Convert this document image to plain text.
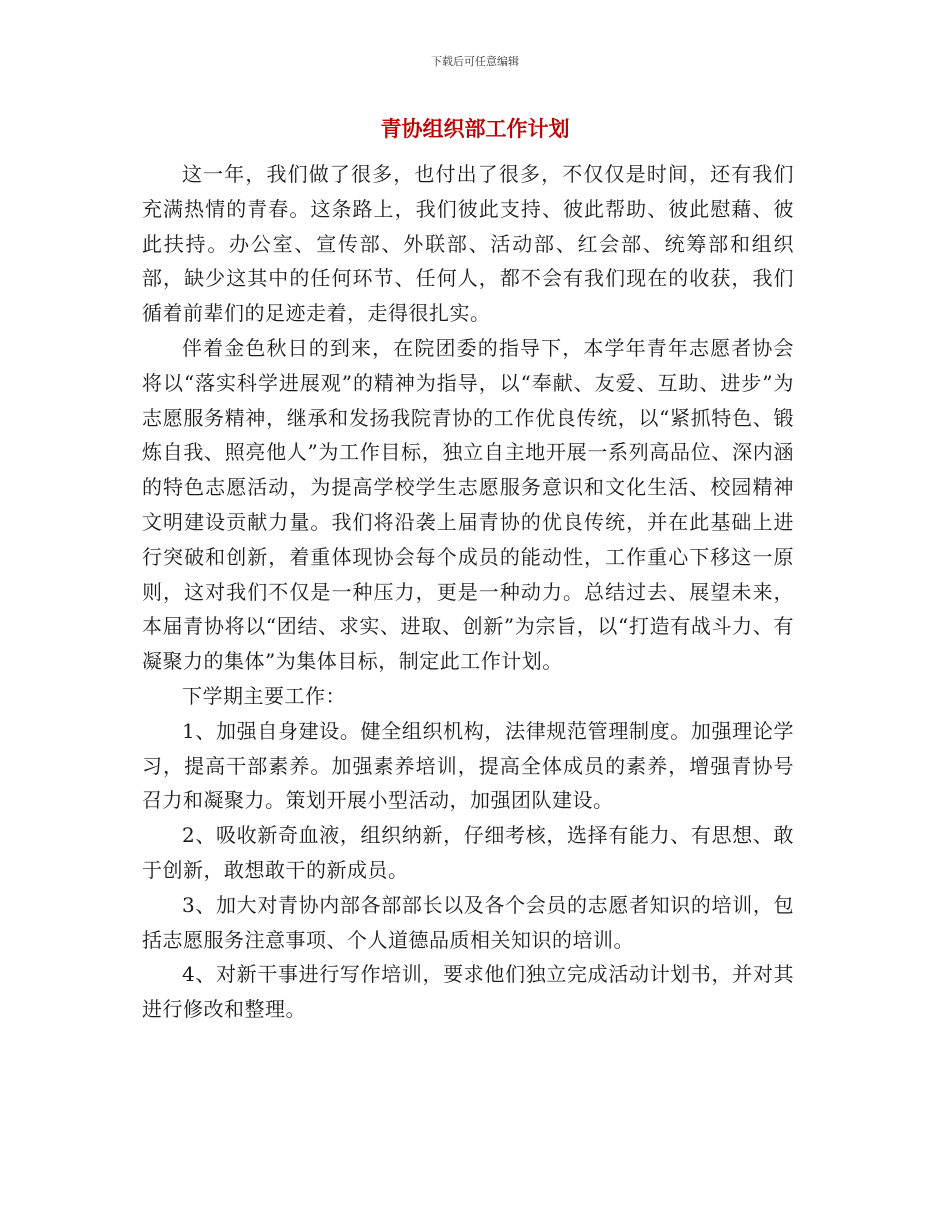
下载后可任意编辑
青协组织部工作计划

这一年，我们做了很多，也付出了很多，不仅仅是时间，还有我们充满热情的青春。这条路上，我们彼此支持、彼此帮助、彼此慰藉、彼此扶持。办公室、宣传部、外联部、活动部、红会部、统筹部和组织部，缺少这其中的任何环节、任何人，都不会有我们现在的收获，我们循着前辈们的足迹走着，走得很扎实。

伴着金色秋日的到来，在院团委的指导下，本学年青年志愿者协会将以“落实科学进展观”的精神为指导，以“奉献、友爱、互助、进步”为志愿服务精神，继承和发扬我院青协的工作优良传统，以“紧抓特色、锻炼自我、照亮他人”为工作目标，独立自主地开展一系列高品位、深内涵的特色志愿活动，为提高学校学生志愿服务意识和文化生活、校园精神文明建设贡献力量。我们将沿袭上届青协的优良传统，并在此基础上进行突破和创新，着重体现协会每个成员的能动性，工作重心下移这一原则，这对我们不仅是一种压力，更是一种动力。总结过去、展望未来，本届青协将以“团结、求实、进取、创新”为宗旨，以“打造有战斗力、有凝聚力的集体”为集体目标，制定此工作计划。

下学期主要工作：

1、加强自身建设。健全组织机构，法律规范管理制度。加强理论学习，提高干部素养。加强素养培训，提高全体成员的素养，增强青协号召力和凝聚力。策划开展小型活动，加强团队建设。

2、吸收新奇血液，组织纳新，仔细考核，选择有能力、有思想、敢于创新，敢想敢干的新成员。

3、加大对青协内部各部部长以及各个会员的志愿者知识的培训，包括志愿服务注意事项、个人道德品质相关知识的培训。

4、对新干事进行写作培训，要求他们独立完成活动计划书，并对其进行修改和整理。
